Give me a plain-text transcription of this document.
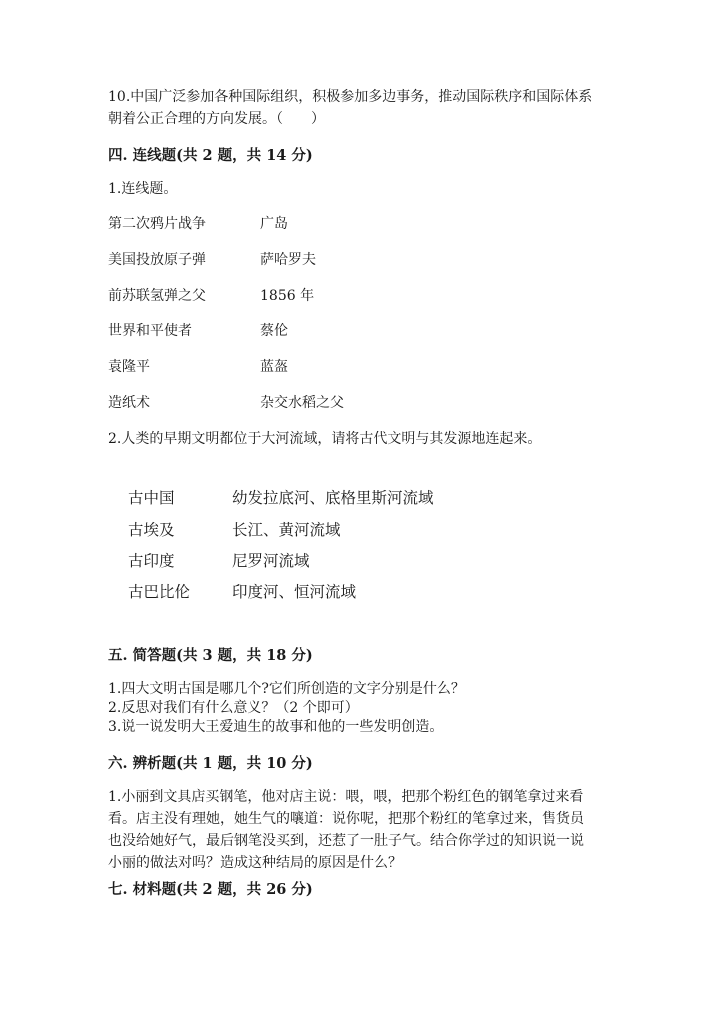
10.中国广泛参加各种国际组织，积极参加多边事务，推动国际秩序和国际体系
朝着公正合理的方向发展。（　　）
四. 连线题(共 2 题，共 14 分)
1.连线题。
第二次鸦片战争	广岛
美国投放原子弹	萨哈罗夫
前苏联氢弹之父	1856 年
世界和平使者	蔡伦
袁隆平	蓝盔
造纸术	杂交水稻之父
2.人类的早期文明都位于大河流域，请将古代文明与其发源地连起来。
古中国	幼发拉底河、底格里斯河流域
古埃及	长江、黄河流域
古印度	尼罗河流域
古巴比伦	印度河、恒河流域
五. 简答题(共 3 题，共 18 分)
1.四大文明古国是哪几个?它们所创造的文字分别是什么？
2.反思对我们有什么意义？（2 个即可）
3.说一说发明大王爱迪生的故事和他的一些发明创造。
六. 辨析题(共 1 题，共 10 分)
1.小丽到文具店买钢笔，他对店主说：喂，喂，把那个粉红色的钢笔拿过来看
看。店主没有理她，她生气的嚷道：说你呢，把那个粉红的笔拿过来，售货员
也没给她好气，最后钢笔没买到，还惹了一肚子气。结合你学过的知识说一说
小丽的做法对吗？造成这种结局的原因是什么？
七. 材料题(共 2 题，共 26 分)
